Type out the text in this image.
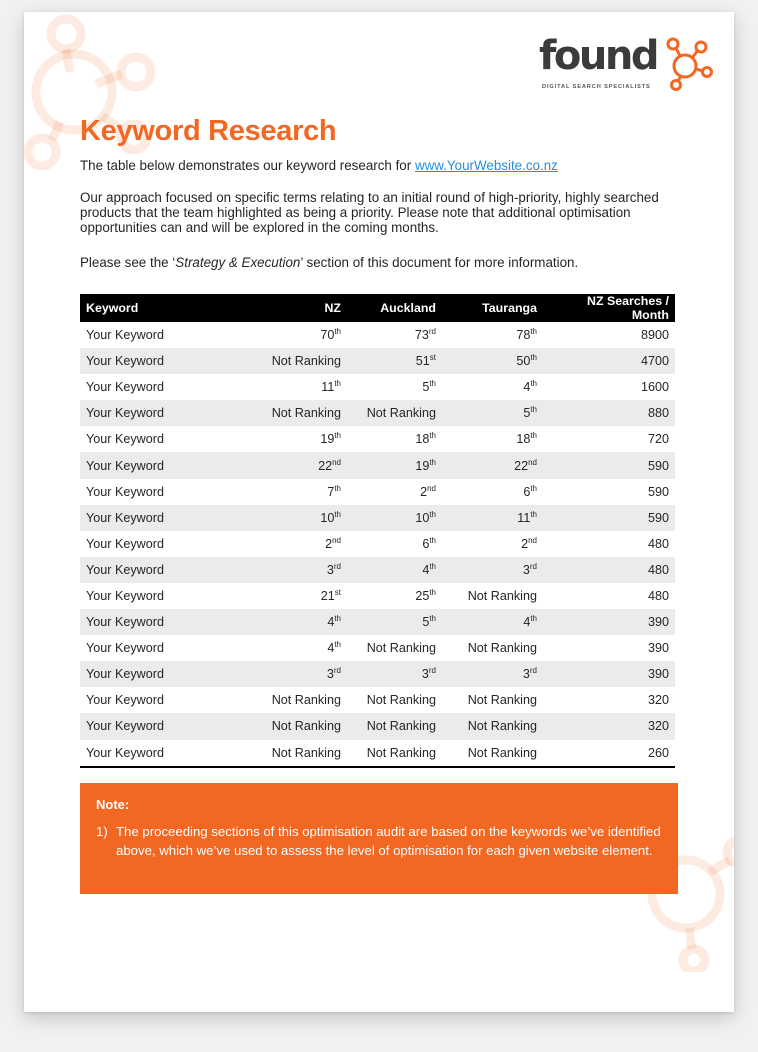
found
DIGITAL SEARCH SPECIALISTS
Keyword Research

The table below demonstrates our keyword research for www.YourWebsite.co.nz

Our approach focused on specific terms relating to an initial round of high-priority, highly searched products that the team highlighted as being a priority. Please note that additional optimisation opportunities can and will be explored in the coming months.

Please see the ‘Strategy & Execution’ section of this document for more information.

Keyword	NZ	Auckland	Tauranga	NZ Searches / Month
Your Keyword	70th	73rd	78th	8900
Your Keyword	Not Ranking	51st	50th	4700
Your Keyword	11th	5th	4th	1600
Your Keyword	Not Ranking	Not Ranking	5th	880
Your Keyword	19th	18th	18th	720
Your Keyword	22nd	19th	22nd	590
Your Keyword	7th	2nd	6th	590
Your Keyword	10th	10th	11th	590
Your Keyword	2nd	6th	2nd	480
Your Keyword	3rd	4th	3rd	480
Your Keyword	21st	25th	Not Ranking	480
Your Keyword	4th	5th	4th	390
Your Keyword	4th	Not Ranking	Not Ranking	390
Your Keyword	3rd	3rd	3rd	390
Your Keyword	Not Ranking	Not Ranking	Not Ranking	320
Your Keyword	Not Ranking	Not Ranking	Not Ranking	320
Your Keyword	Not Ranking	Not Ranking	Not Ranking	260
Note:
1) The proceeding sections of this optimisation audit are based on the keywords we’ve identified above, which we’ve used to assess the level of optimisation for each given website element.
